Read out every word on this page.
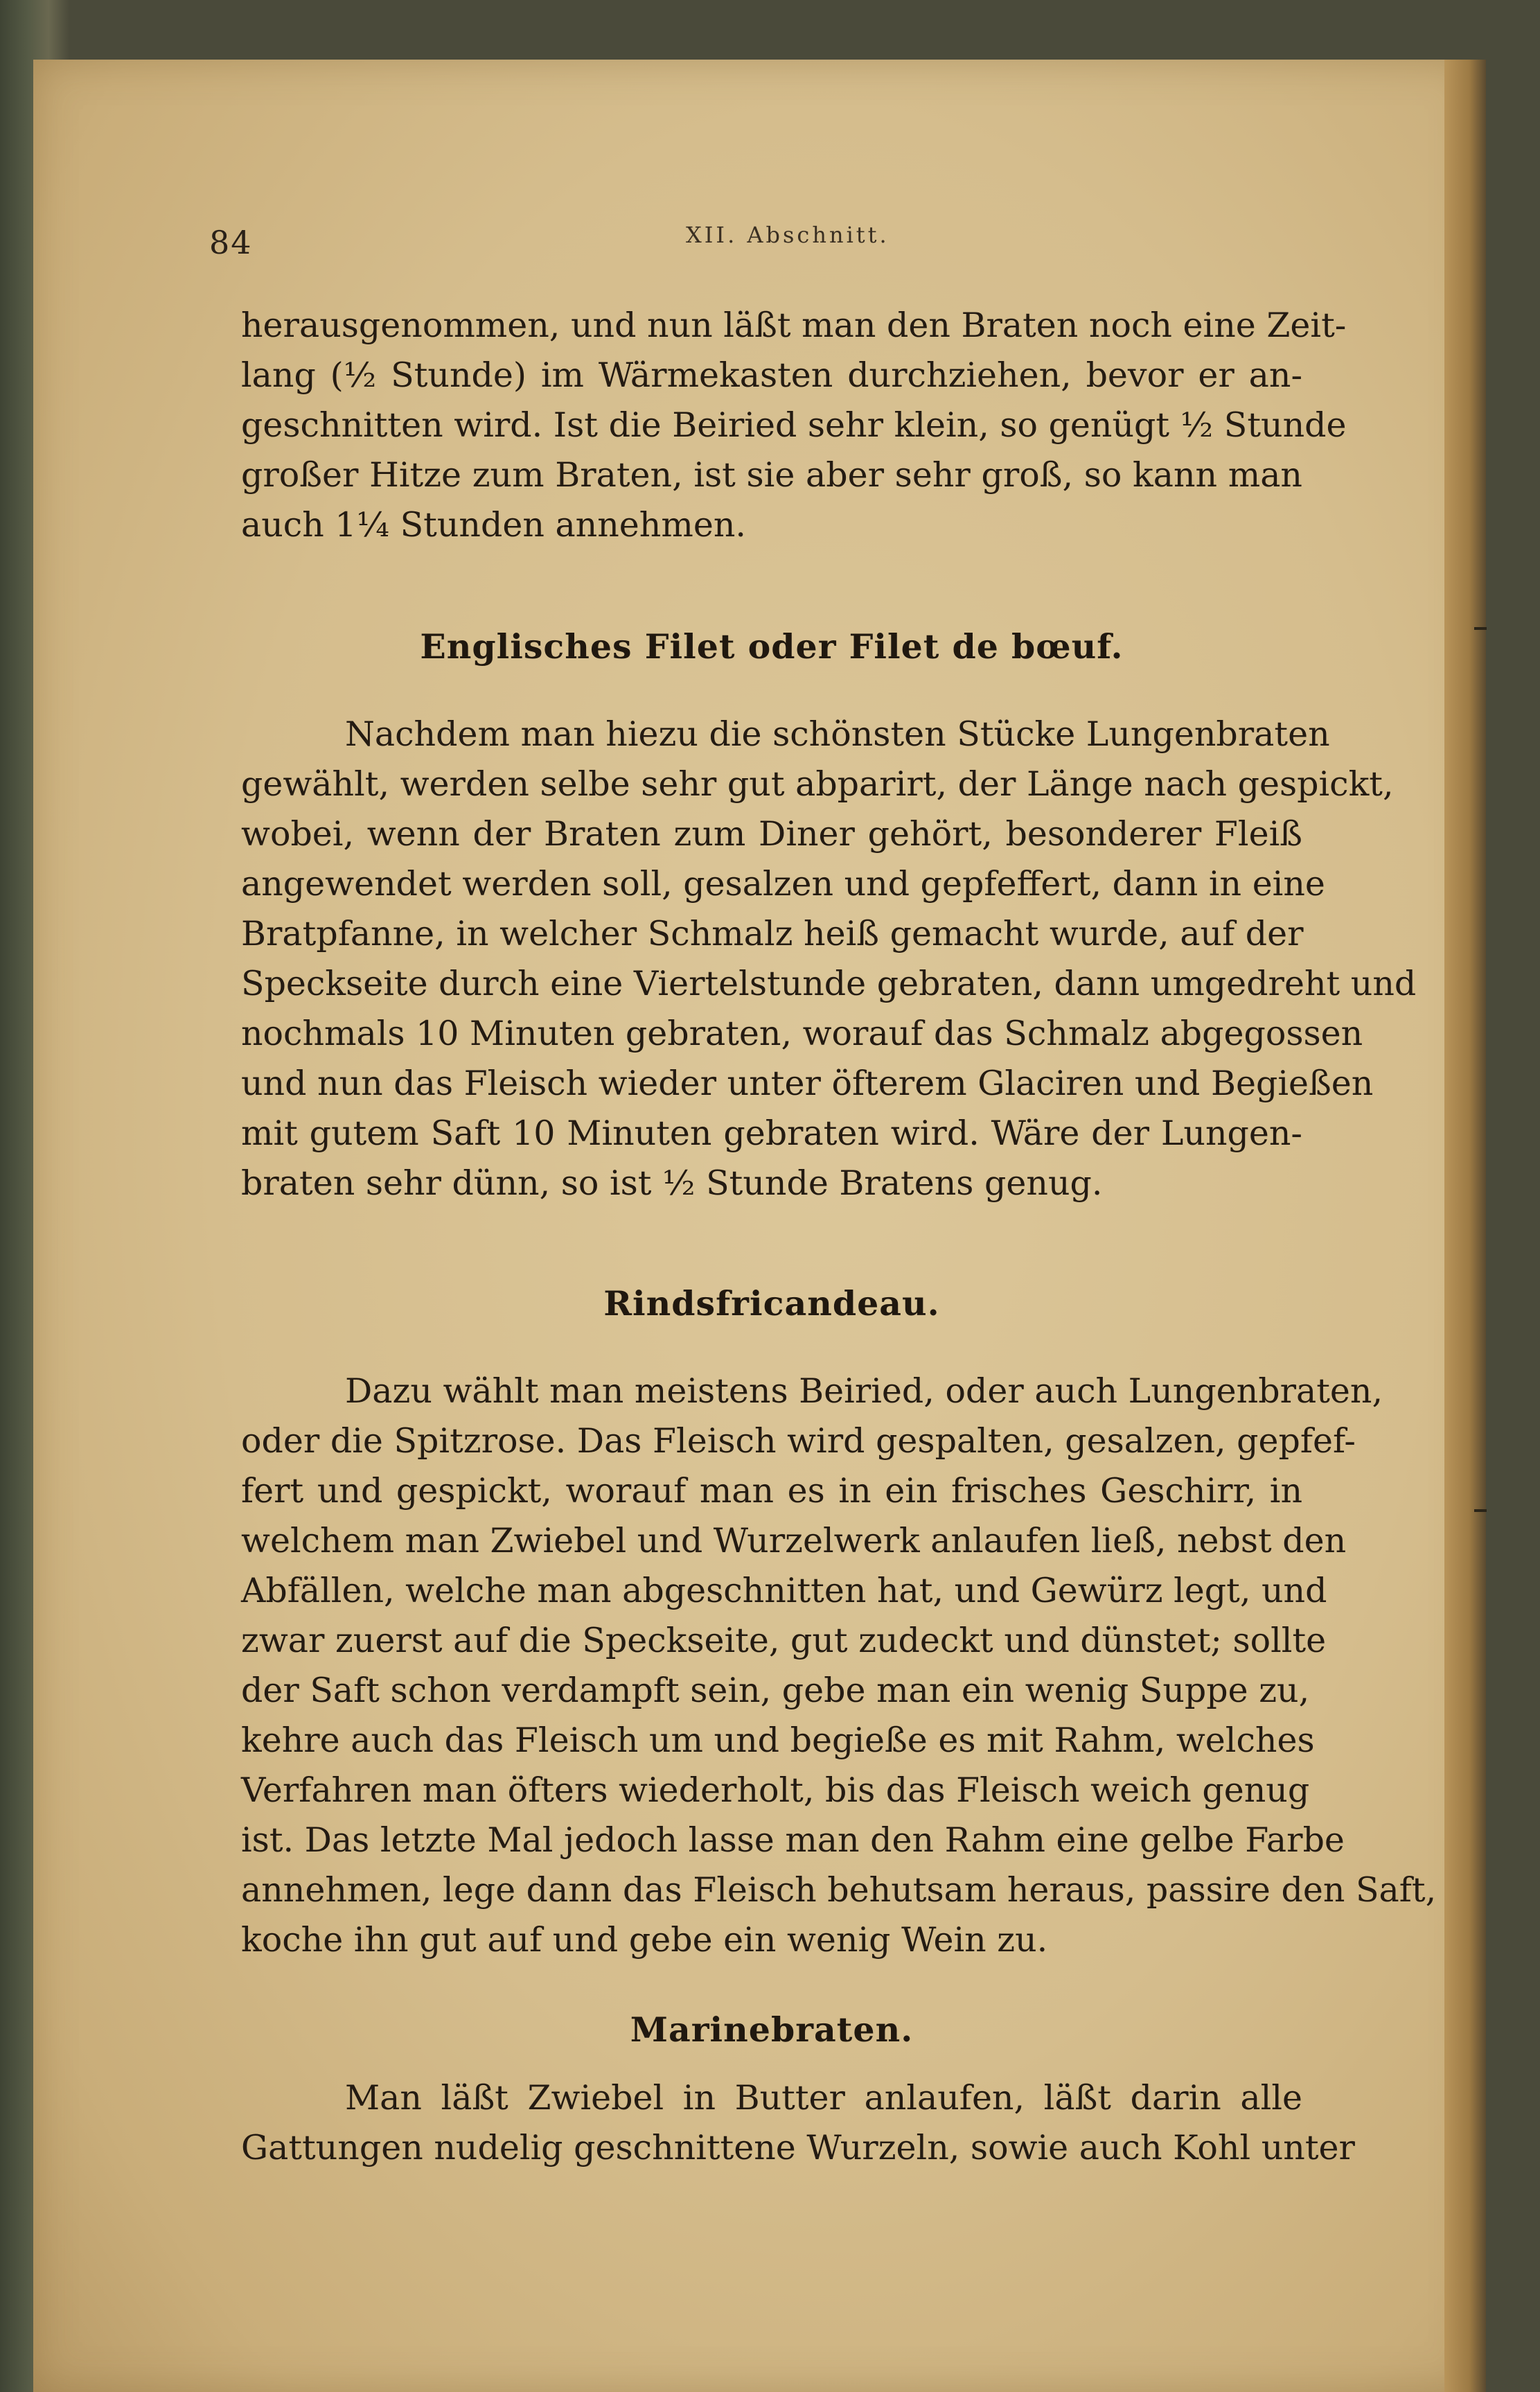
84	XII. Abschnitt.
herausgenommen, und nun läßt man den Braten noch eine Zeit-
lang (½ Stunde) im Wärmekasten durchziehen, bevor er an-
geschnitten wird. Ist die Beiried sehr klein, so genügt ½ Stunde
großer Hitze zum Braten, ist sie aber sehr groß, so kann man
auch 1¼ Stunden annehmen.
Englisches Filet oder Filet de bœuf.
Nachdem man hiezu die schönsten Stücke Lungenbraten
gewählt, werden selbe sehr gut abparirt, der Länge nach gespickt,
wobei, wenn der Braten zum Diner gehört, besonderer Fleiß
angewendet werden soll, gesalzen und gepfeffert, dann in eine
Bratpfanne, in welcher Schmalz heiß gemacht wurde, auf der
Speckseite durch eine Viertelstunde gebraten, dann umgedreht und
nochmals 10 Minuten gebraten, worauf das Schmalz abgegossen
und nun das Fleisch wieder unter öfterem Glaciren und Begießen
mit gutem Saft 10 Minuten gebraten wird. Wäre der Lungen-
braten sehr dünn, so ist ½ Stunde Bratens genug.
Rindsfricandeau.
Dazu wählt man meistens Beiried, oder auch Lungenbraten,
oder die Spitzrose. Das Fleisch wird gespalten, gesalzen, gepfef-
fert und gespickt, worauf man es in ein frisches Geschirr, in
welchem man Zwiebel und Wurzelwerk anlaufen ließ, nebst den
Abfällen, welche man abgeschnitten hat, und Gewürz legt, und
zwar zuerst auf die Speckseite, gut zudeckt und dünstet; sollte
der Saft schon verdampft sein, gebe man ein wenig Suppe zu,
kehre auch das Fleisch um und begieße es mit Rahm, welches
Verfahren man öfters wiederholt, bis das Fleisch weich genug
ist. Das letzte Mal jedoch lasse man den Rahm eine gelbe Farbe
annehmen, lege dann das Fleisch behutsam heraus, passire den Saft,
koche ihn gut auf und gebe ein wenig Wein zu.
Marinebraten.
Man läßt Zwiebel in Butter anlaufen, läßt darin alle
Gattungen nudelig geschnittene Wurzeln, sowie auch Kohl unter
